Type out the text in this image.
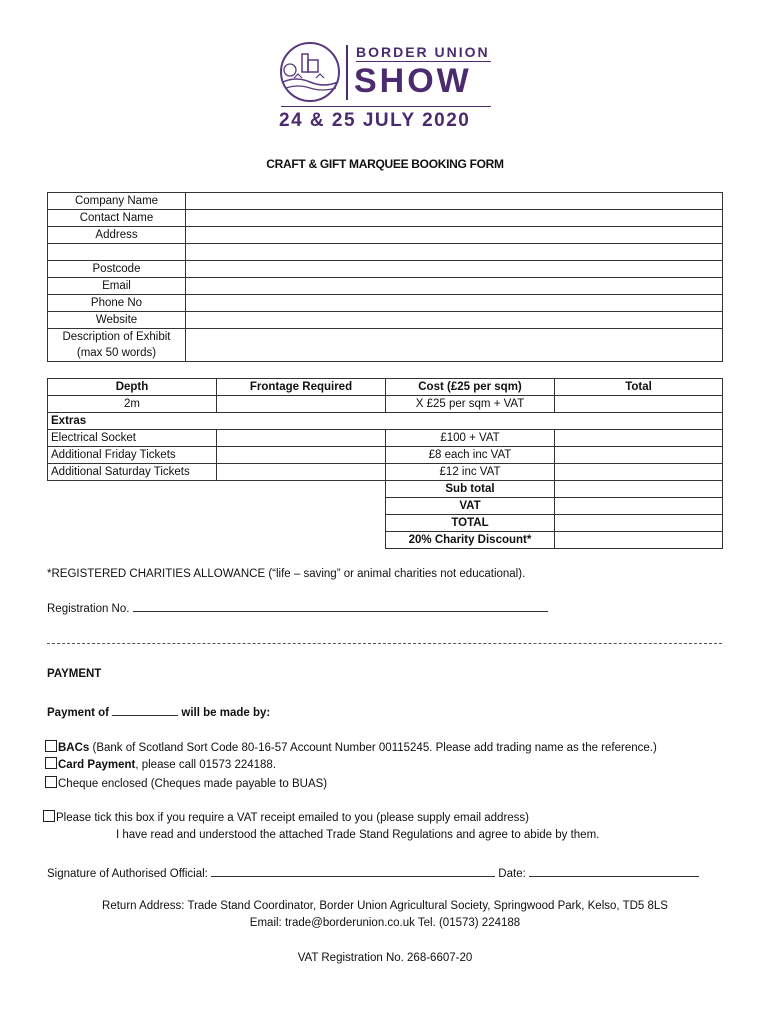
BORDER UNION
SHOW
24 & 25 JULY 2020
CRAFT & GIFT MARQUEE BOOKING FORM
Company Name	
Contact Name	
Address	

Postcode	
Email	
Phone No	
Website	

Description of Exhibit
(max 50 words)	

Depth	Frontage Required	Cost (£25 per sqm)	Total
2m		X £25 per sqm + VAT	
Extras			
Electrical Socket		£100 + VAT	
Additional Friday Tickets		£8 each inc VAT	
Additional Saturday Tickets		£12 inc VAT	
		Sub total	
		VAT	
		TOTAL	
		20% Charity Discount*	
*REGISTERED CHARITIES ALLOWANCE (“life – saving” or animal charities not educational).
Registration No.
PAYMENT
Payment of	will be made by:
BACs (Bank of Scotland Sort Code 80-16-57 Account Number 00115245. Please add trading name as the reference.)
Card Payment, please call 01573 224188.
Cheque enclosed (Cheques made payable to BUAS)
Please tick this box if you require a VAT receipt emailed to you (please supply email address)
I have read and understood the attached Trade Stand Regulations and agree to abide by them.
Signature of Authorised Official:	Date:
Return Address: Trade Stand Coordinator, Border Union Agricultural Society, Springwood Park, Kelso, TD5 8LS
Email: trade@borderunion.co.uk Tel. (01573) 224188
VAT Registration No. 268-6607-20
